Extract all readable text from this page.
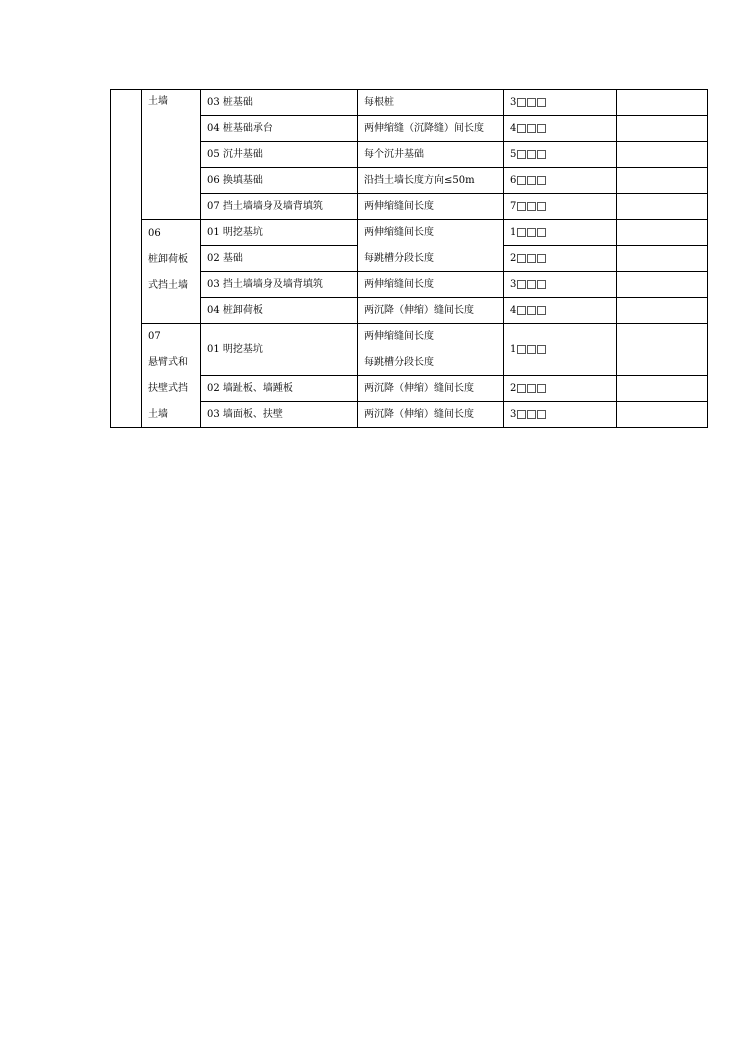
	土墙	03 桩基础	每根桩	3	

		04 桩基础承台	两伸缩缝（沉降缝）间长度	4	

		05 沉井基础	每个沉井基础	5	

		06 换填基础	沿挡土墙长度方向≤50m	6	

		07 挡土墙墙身及墙背填筑	两伸缩缝间长度	7	

	06
桩卸荷板
式挡土墙	01 明挖基坑	两伸缩缝间长度
每跳槽分段长度	1	

		02 基础		2	

		03 挡土墙墙身及墙背填筑	两伸缩缝间长度	3	

		04 桩卸荷板	两沉降（伸缩）缝间长度	4	

	07
悬臂式和
扶壁式挡
土墙	01 明挖基坑	两伸缩缝间长度
每跳槽分段长度	1	

		02 墙趾板、墙踵板	两沉降（伸缩）缝间长度	2	

		03 墙面板、扶壁	两沉降（伸缩）缝间长度	3	
